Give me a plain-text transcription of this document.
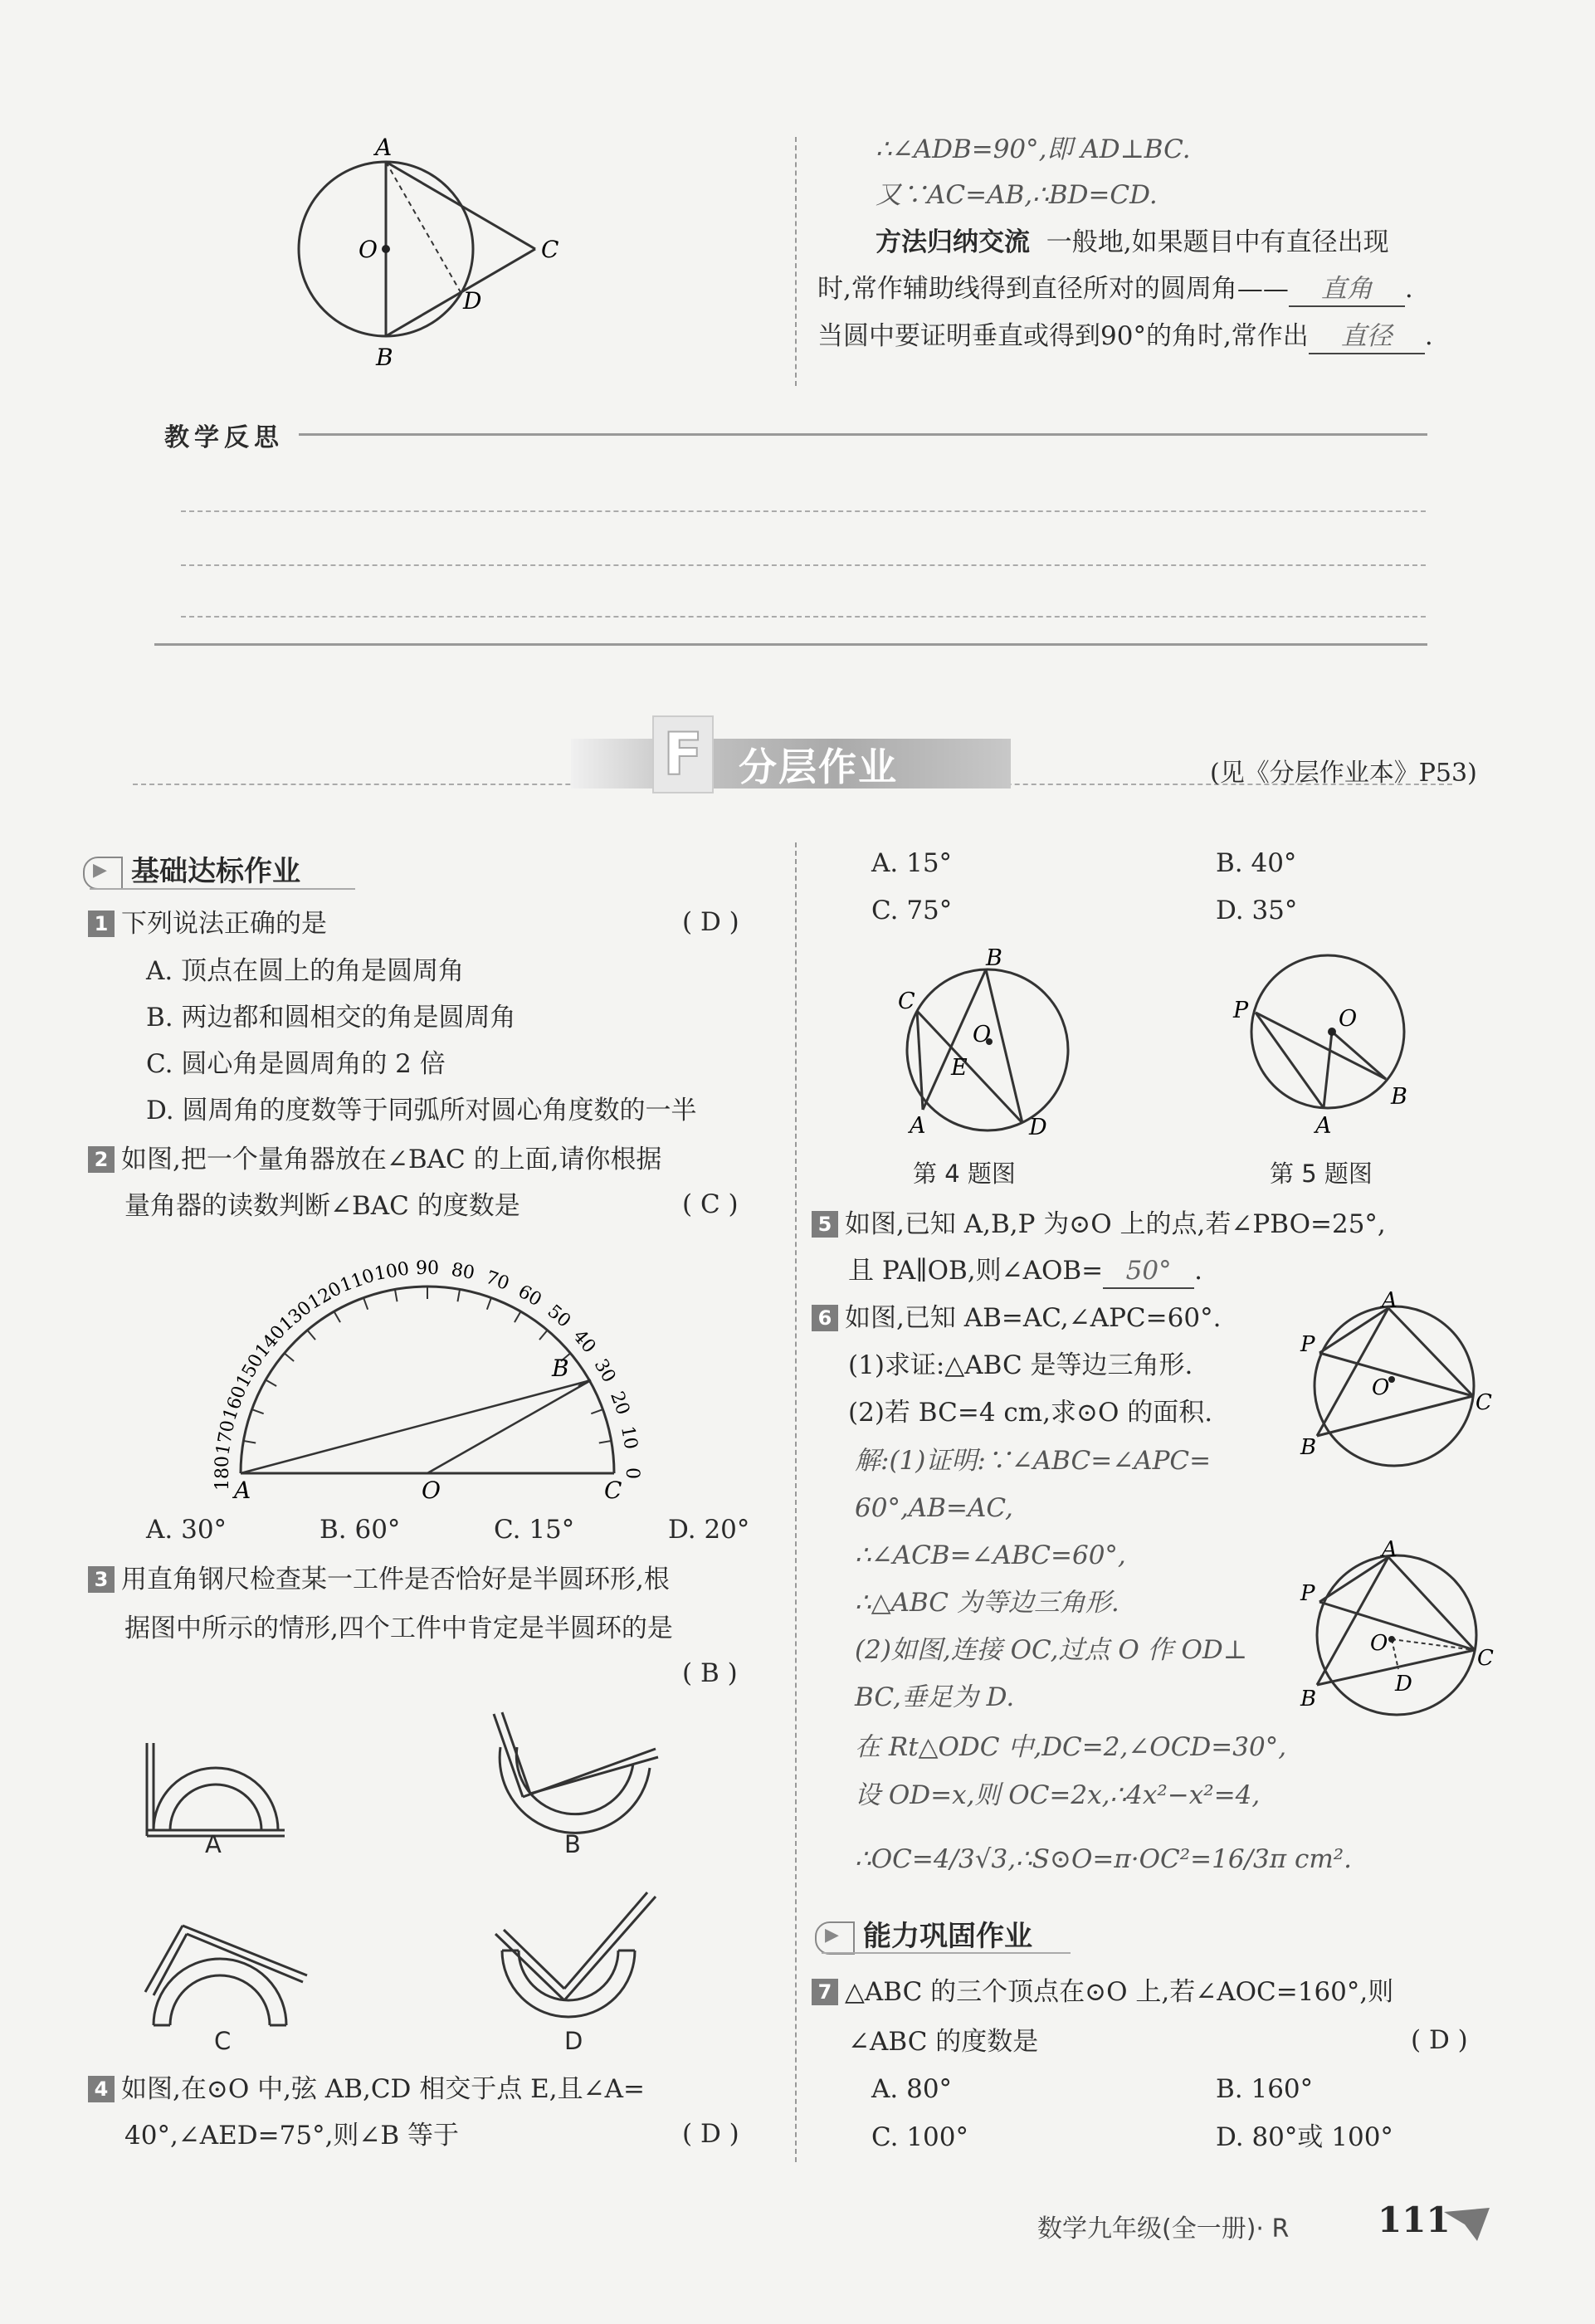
A
O	C
D
B
∴∠ADB=90°,即 AD⊥BC.
又∵AC=AB,∴BD=CD.
方法归纳交流 一般地,如果题目中有直径出现
时,常作辅助线得到直径所对的圆周角—— 直角 .
当圆中要证明垂直或得到90°的角时,常作出 直径 .
教学反思
F 分层作业	(见《分层作业本》P53)
▶基础达标作业
1 下列说法正确的是	( D )
A. 顶点在圆上的角是圆周角
B. 两边都和圆相交的角是圆周角
C. 圆心角是圆周角的 2 倍
D. 圆周角的度数等于同弧所对圆心角度数的一半
2 如图,把一个量角器放在∠BAC 的上面,请你根据
量角器的读数判断∠BAC 的度数是	( C )
180
170
160
150
140
130
120
110
100 90 80 70
60
50
40
30
20
10
0
A	O	C
B
A. 30°	B. 60°	C. 15°	D. 20°
3 用直角钢尺检查某一工件是否恰好是半圆环形,根
据图中所示的情形,四个工件中肯定是半圆环的是
( B )
A	B
C	D
4 如图,在⊙O 中,弦 AB,CD 相交于点 E,且∠A=
40°,∠AED=75°,则∠B 等于	( D )
A. 15°	B. 40°
C. 75°	D. 35°
B
C
O
E
A	D
第 4 题图
P	O
B
A
第 5 题图
5 如图,已知 A,B,P 为⊙O 上的点,若∠PBO=25°,
且 PA∥OB,则∠AOB= 50° .
6 如图,已知 AB=AC,∠APC=60°.
(1)求证:△ABC 是等边三角形.
(2)若 BC=4 cm,求⊙O 的面积.
A
P
O
C
B
解:(1)证明:∵∠ABC=∠APC=
60°,AB=AC,
∴∠ACB=∠ABC=60°,
∴△ABC 为等边三角形.
(2)如图,连接 OC,过点 O 作 OD⊥
BC,垂足为 D.
A
P
O
C
B
D
在 Rt△ODC 中,DC=2,∠OCD=30°,
设 OD=x,则 OC=2x,∴4x²−x²=4,
∴OC=4/3√3,∴S⊙O=π·OC²=16/3π cm².
▶能力巩固作业
7 △ABC 的三个顶点在⊙O 上,若∠AOC=160°,则
∠ABC 的度数是	( D )
A. 80°	B. 160°
C. 100°	D. 80°或 100°
数学九年级(全一册)· R	111
